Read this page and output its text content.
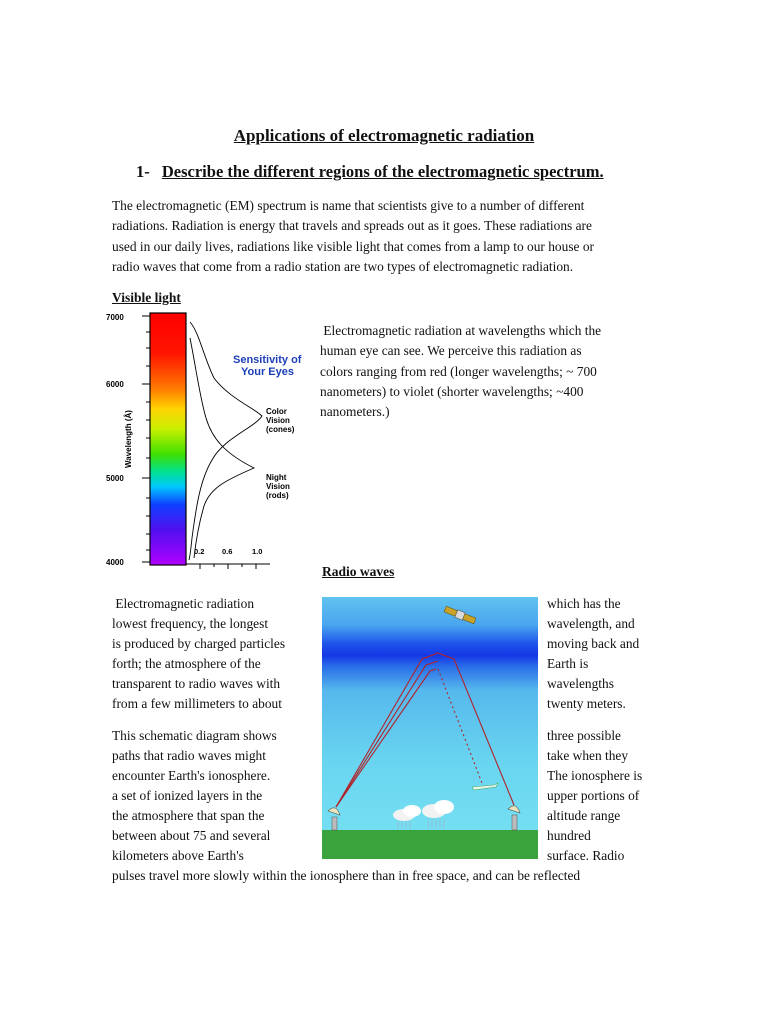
Applications of electromagnetic radiation
1- Describe the different regions of the electromagnetic spectrum.
The electromagnetic (EM) spectrum is name that scientists give to a number of different
radiations. Radiation is energy that travels and spreads out as it goes. These radiations are
used in our daily lives, radiations like visible light that comes from a lamp to our house or
radio waves that come from a radio station are two types of electromagnetic radiation.
Visible light
7000
6000
5000
4000
Wavelength (Å)
0.2 0.6	1.0
Sensitivity of
Your Eyes
Color
Vision
(cones)
Night
Vision
(rods)
Electromagnetic radiation at wavelengths which the
human eye can see. We perceive this radiation as
colors ranging from red (longer wavelengths; ~ 700
nanometers) to violet (shorter wavelengths; ~400
nanometers.)
Radio waves
Electromagnetic radiation
lowest frequency, the longest
is produced by charged particles
forth; the atmosphere of the
transparent to radio waves with
from a few millimeters to about
This schematic diagram shows
paths that radio waves might
encounter Earth's ionosphere.
a set of ionized layers in the
the atmosphere that span the
between about 75 and several
kilometers above Earth's
which has the
wavelength, and
moving back and
Earth is
wavelengths
twenty meters.
three possible
take when they
The ionosphere is
upper portions of
altitude range
hundred
surface. Radio
pulses travel more slowly within the ionosphere than in free space, and can be reflected
